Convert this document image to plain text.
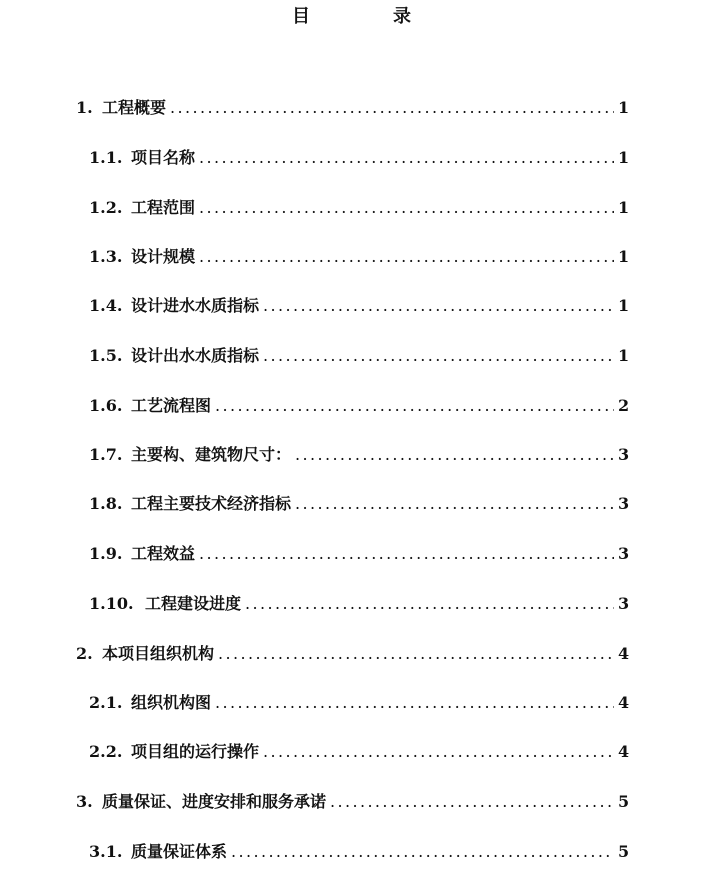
目	录
1. 工程概要 .....	1
1.1. 项目名称 .....	1
1.2. 工程范围 .....	1
1.3. 设计规模 .....	1
1.4. 设计进水水质指标 .....	1
1.5. 设计出水水质指标 .....	1
1.6. 工艺流程图 .....	2
1.7. 主要构、建筑物尺寸： .....	3
1.8. 工程主要技术经济指标 .....	3
1.9. 工程效益 .....	3
1.10. 工程建设进度 .....	3
2. 本项目组织机构 .....	4
2.1. 组织机构图 .....	4
2.2. 项目组的运行操作 .....	4
3. 质量保证、进度安排和服务承诺 .....	5
3.1. 质量保证体系 .....	5
